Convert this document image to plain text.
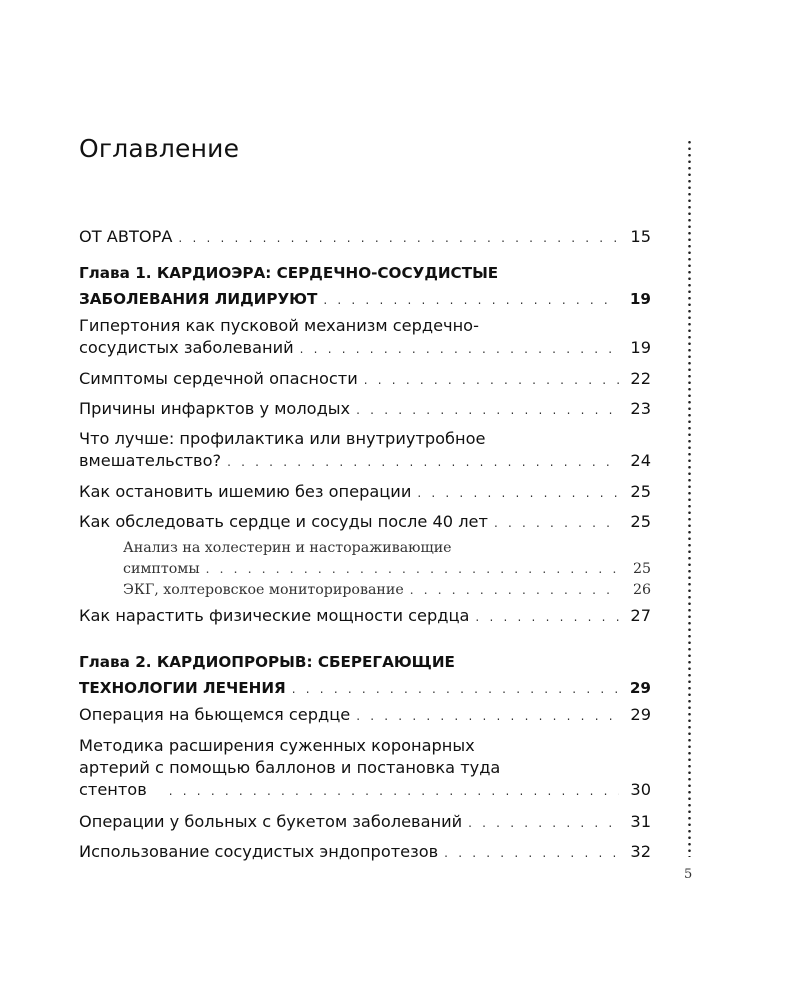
Оглавление
ОТ АВТОРА . . .	15
Глава 1. КАРДИОЭРА: СЕРДЕЧНО-СОСУДИСТЫЕ
ЗАБОЛЕВАНИЯ ЛИДИРУЮТ . . .	19
Гипертония как пусковой механизм сердечно-
сосудистых заболеваний . . .	19
Симптомы сердечной опасности . . .	22
Причины инфарктов у молодых . . .	23
Что лучше: профилактика или внутриутробное
вмешательство? . . .	24
Как остановить ишемию без операции . . .	25
Как обследовать сердце и сосуды после 40 лет . . .	25
Анализ на холестерин и настораживающие
симптомы . . .	25
ЭКГ, холтеровское мониторирование . . .	26
Как нарастить физические мощности сердца . . .	27
Глава 2. КАРДИОПРОРЫВ: СБЕРЕГАЮЩИЕ
ТЕХНОЛОГИИ ЛЕЧЕНИЯ . . .	29
Операция на бьющемся сердце . . .	29
Методика расширения суженных коронарных
артерий с помощью баллонов и постановка туда
стентов . . .	30
Операции у больных с букетом заболеваний . . .	31
Использование сосудистых эндопротезов . . .	32
5
